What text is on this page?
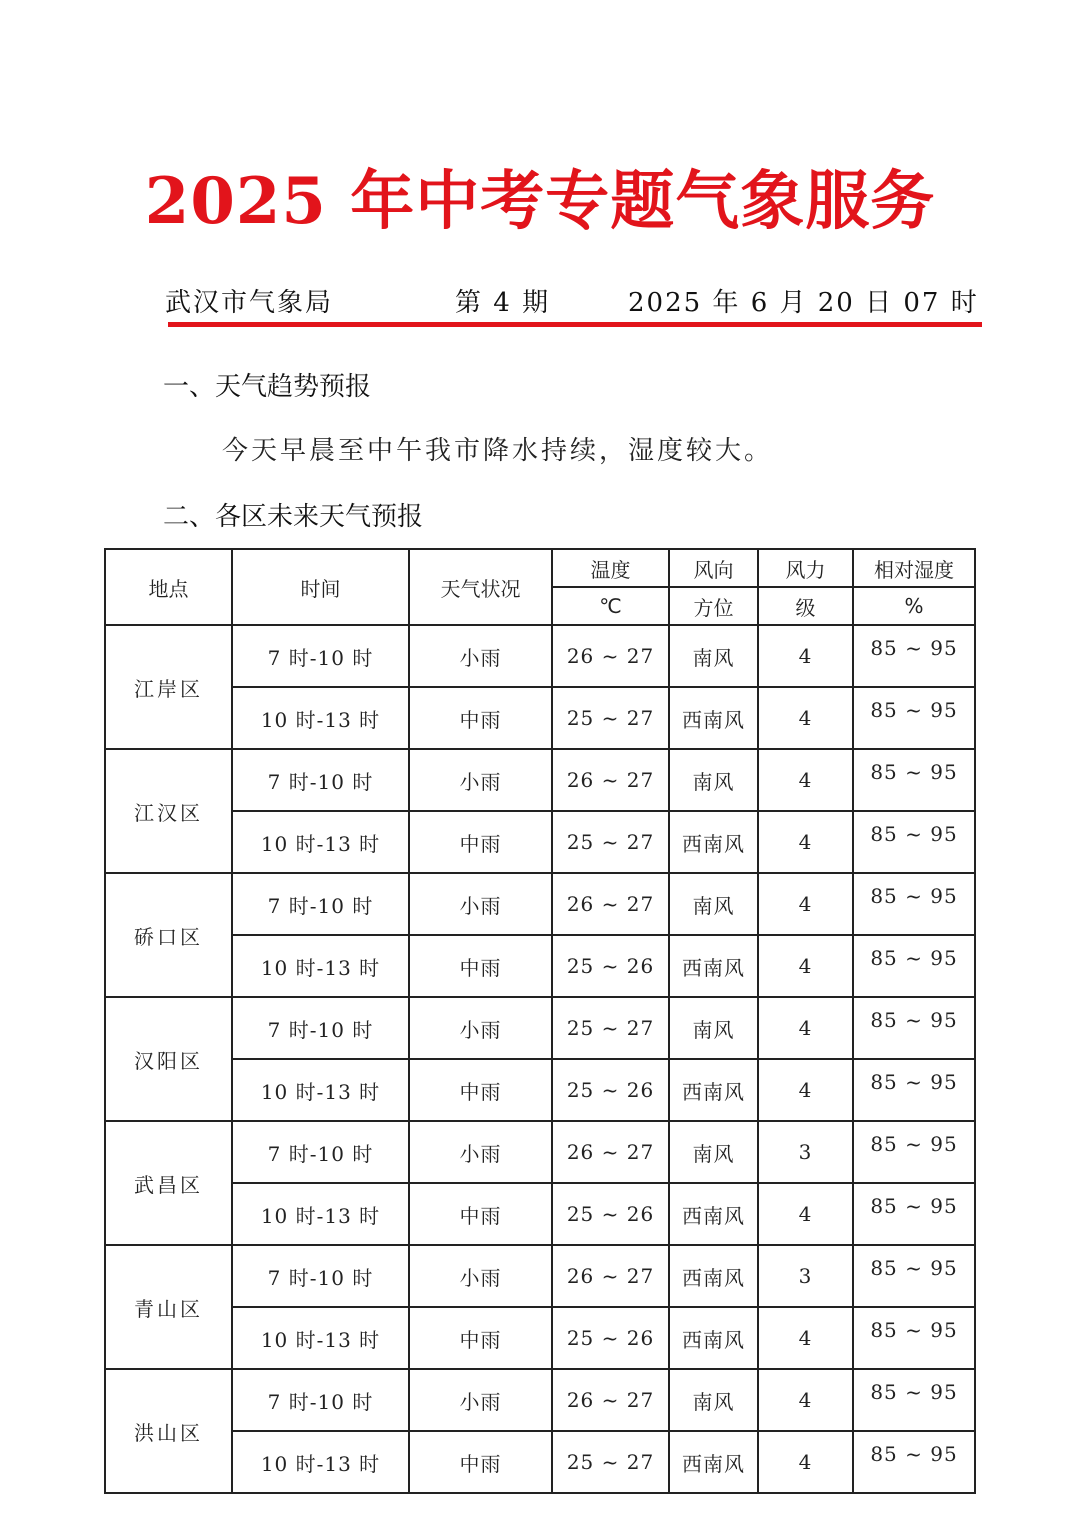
2025 年中考专题气象服务
武汉市气象局	第 4 期	2025 年 6 月 20 日 07 时
一、天气趋势预报
今天早晨至中午我市降水持续，湿度较大。
二、各区未来天气预报
地点	时间	天气状况	温度	风向	风力	相对湿度
			℃	方位	级	%
江岸区	7 时-10 时	小雨	26 ~ 27	南风	4	85 ~ 95
	10 时-13 时	中雨	25 ~ 27	西南风	4	85 ~ 95
江汉区	7 时-10 时	小雨	26 ~ 27	南风	4	85 ~ 95
	10 时-13 时	中雨	25 ~ 27	西南风	4	85 ~ 95
硚口区	7 时-10 时	小雨	26 ~ 27	南风	4	85 ~ 95
	10 时-13 时	中雨	25 ~ 26	西南风	4	85 ~ 95
汉阳区	7 时-10 时	小雨	25 ~ 27	南风	4	85 ~ 95
	10 时-13 时	中雨	25 ~ 26	西南风	4	85 ~ 95
武昌区	7 时-10 时	小雨	26 ~ 27	南风	3	85 ~ 95
	10 时-13 时	中雨	25 ~ 26	西南风	4	85 ~ 95
青山区	7 时-10 时	小雨	26 ~ 27	西南风	3	85 ~ 95
	10 时-13 时	中雨	25 ~ 26	西南风	4	85 ~ 95
洪山区	7 时-10 时	小雨	26 ~ 27	南风	4	85 ~ 95
	10 时-13 时	中雨	25 ~ 27	西南风	4	85 ~ 95
